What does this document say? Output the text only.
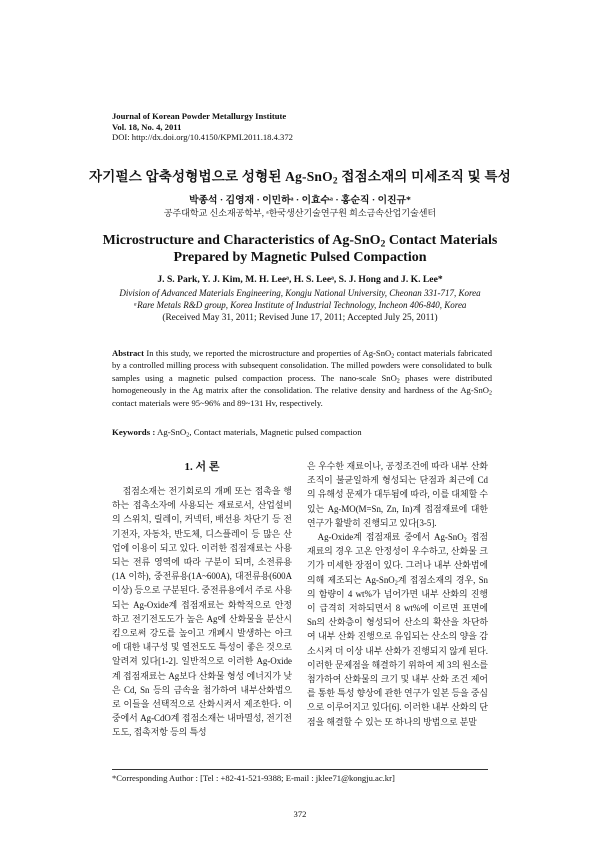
Journal of Korean Powder Metallurgy Institute
Vol. 18, No. 4, 2011
DOI: http://dx.doi.org/10.4150/KPMI.2011.18.4.372
자기펄스 압축성형법으로 성형된 Ag-SnO$_2$ 접점소재의 미세조직 및 특성
박종석 · 김영재 · 이민하ᵃ · 이효수ᵃ · 홍순직 · 이진규*
공주대학교 신소재공학부, ᵃ한국생산기술연구원 희소금속산업기술센터
Microstructure and Characteristics of Ag-SnO$_2$ Contact Materials
Prepared by Magnetic Pulsed Compaction
J. S. Park, Y. J. Kim, M. H. Leeᵃ, H. S. Leeᵃ, S. J. Hong and J. K. Lee*
Division of Advanced Materials Engineering, Kongju National University, Cheonan 331-717, Korea
ᵃRare Metals R&D group, Korea Institute of Industrial Technology, Incheon 406-840, Korea
(Received May 31, 2011; Revised June 17, 2011; Accepted July 25, 2011)
Abstract In this study, we reported the microstructure and properties of Ag-SnO$_2$ contact materials fabricated by a controlled milling process with subsequent consolidation. The milled powders were consolidated to bulk samples using a magnetic pulsed compaction process. The nano-scale SnO$_2$ phases were distributed homogeneously in the Ag matrix after the consolidation. The relative density and hardness of the Ag-SnO$_2$ contact materials were 95~96% and 89~131 Hv, respectively.
Keywords : Ag-SnO$_2$, Contact materials, Magnetic pulsed compaction
1. 서 론

접점소재는 전기회로의 개폐 또는 접촉을 행하는 접촉소자에 사용되는 재료로서, 산업설비의 스위치, 릴레이, 커넥터, 배선용 차단기 등 전기전자, 자동차, 반도체, 디스플레이 등 많은 산업에 이용이 되고 있다. 이러한 접점재료는 사용되는 전류 영역에 따라 구분이 되며, 소전류용(1A 이하), 중전류용(1A~600A), 대전류용(600A 이상) 등으로 구분된다. 중전류용에서 주로 사용되는 Ag-Oxide계 접점재료는 화학적으로 안정하고 전기전도도가 높은 Ag에 산화물을 분산시킴으로써 강도를 높이고 개폐시 발생하는 아크에 대한 내구성 및 열전도도 특성이 좋은 것으로 알려져 있다[1-2]. 일반적으로 이러한 Ag-Oxide계 접점재료는 Ag보다 산화물 형성 에너지가 낮은 Cd, Sn 등의 금속을 첨가하여 내부산화법으로 이들을 선택적으로 산화시켜서 제조한다. 이 중에서 Ag-CdO계 접점소재는 내마멸성, 전기전도도, 접촉저항 등의 특성

은 우수한 재료이나, 공정조건에 따라 내부 산화조직이 불균일하게 형성되는 단점과 최근에 Cd의 유해성 문제가 대두됨에 따라, 이를 대체할 수 있는 Ag-MO(M=Sn, Zn, In)계 접점재료에 대한 연구가 활발히 진행되고 있다[3-5].

Ag-Oxide계 접점재료 중에서 Ag-SnO$_2$ 접점재료의 경우 고온 안정성이 우수하고, 산화물 크기가 미세한 장점이 있다. 그러나 내부 산화법에 의해 제조되는 Ag-SnO$_2$계 접점소재의 경우, Sn의 함량이 4 wt%가 넘어가면 내부 산화의 진행이 급격히 저하되면서 8 wt%에 이르면 표면에 Sn의 산화층이 형성되어 산소의 확산을 차단하여 내부 산화 진행으로 유입되는 산소의 양을 감소시켜 더 이상 내부 산화가 진행되지 않게 된다. 이러한 문제점을 해결하기 위하여 제 3의 원소를 첨가하여 산화물의 크기 및 내부 산화 조건 제어를 통한 특성 향상에 관한 연구가 일본 등을 중심으로 이루어지고 있다[6]. 이러한 내부 산화의 단점을 해결할 수 있는 또 하나의 방법으로 분말

*Corresponding Author : [Tel : +82-41-521-9388; E-mail : jklee71@kongju.ac.kr]
372
